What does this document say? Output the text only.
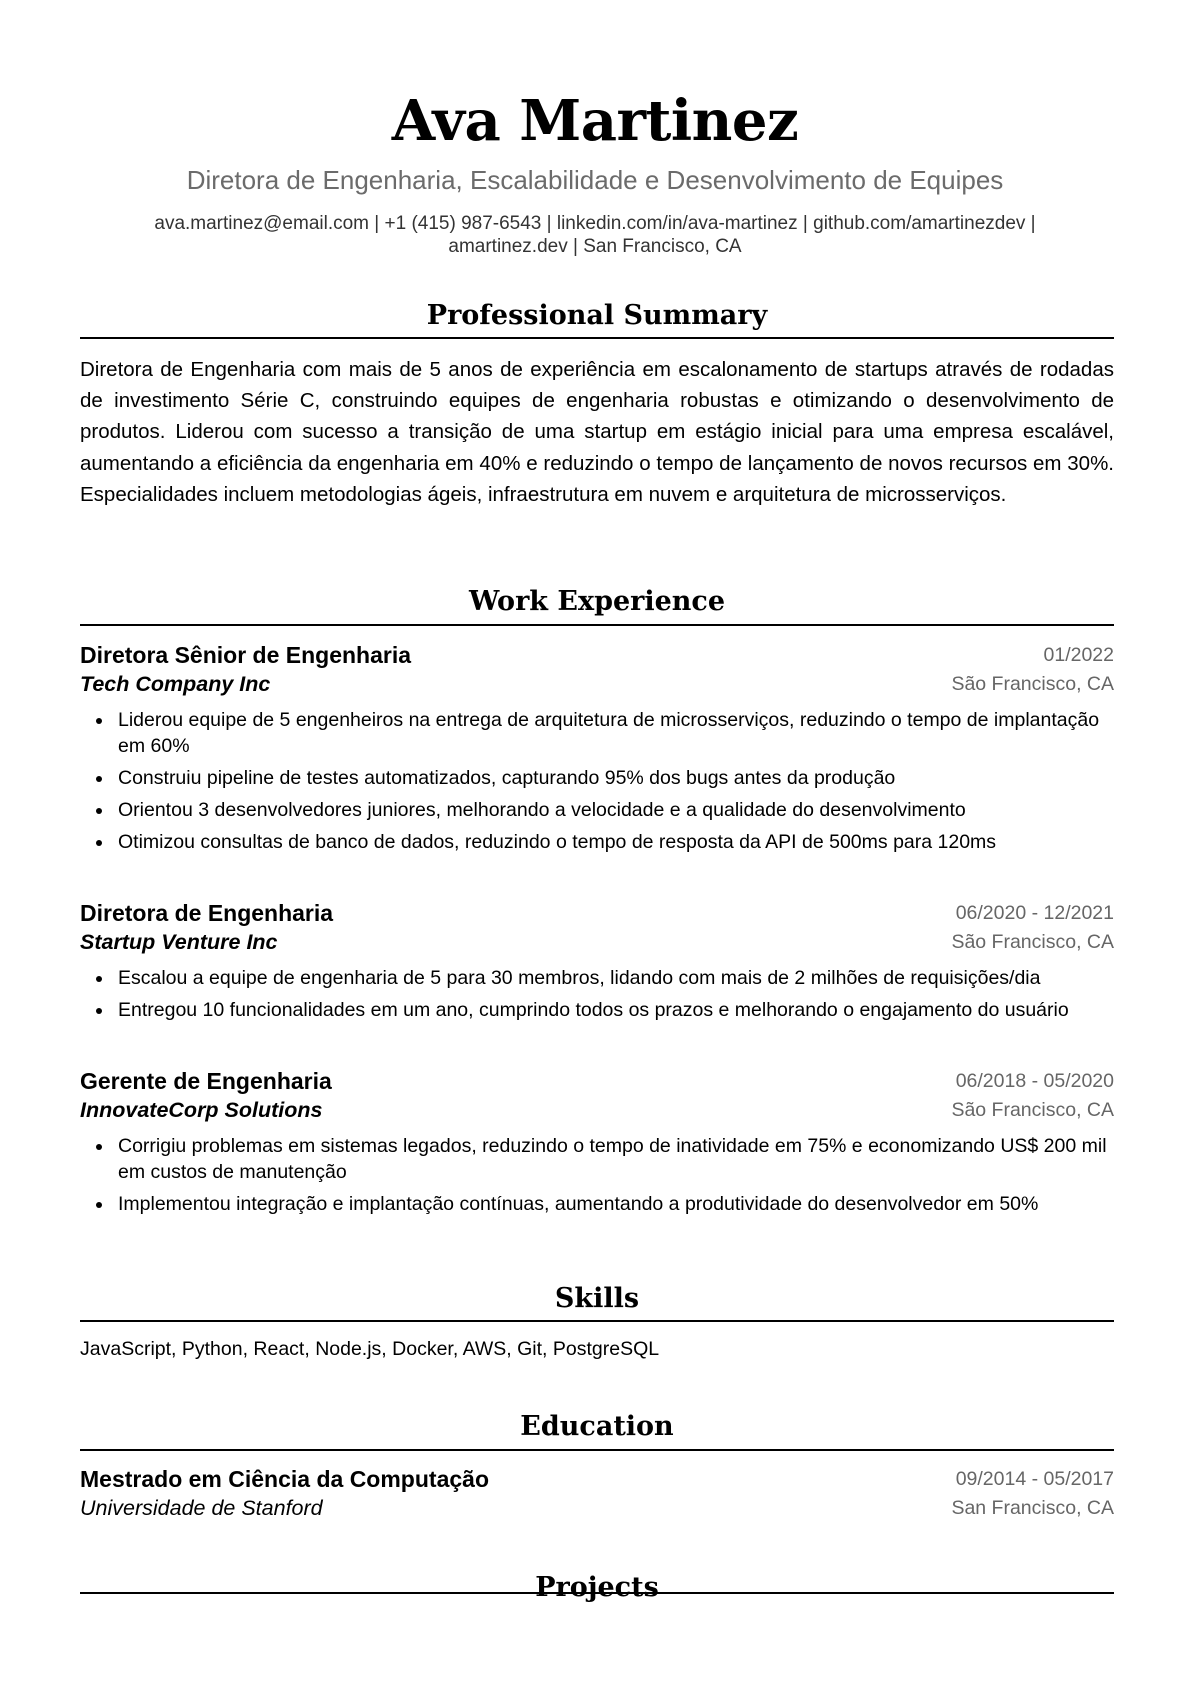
Ava Martinez
Diretora de Engenharia, Escalabilidade e Desenvolvimento de Equipes
ava.martinez@email.com | +1 (415) 987-6543 | linkedin.com/in/ava-martinez | github.com/amartinezdev |
amartinez.dev | San Francisco, CA
Professional Summary
Diretora de Engenharia com mais de 5 anos de experiência em escalonamento de startups através de rodadas de investimento Série C, construindo equipes de engenharia robustas e otimizando o desenvolvimento de produtos. Liderou com sucesso a transição de uma startup em estágio inicial para uma empresa escalável, aumentando a eficiência da engenharia em 40% e reduzindo o tempo de lançamento de novos recursos em 30%. Especialidades incluem metodologias ágeis, infraestrutura em nuvem e arquitetura de microsserviços.
Work Experience
Diretora Sênior de Engenharia	01/2022
Tech Company Inc	São Francisco, CA
Liderou equipe de 5 engenheiros na entrega de arquitetura de microsserviços, reduzindo o tempo de implantação em 60%
Construiu pipeline de testes automatizados, capturando 95% dos bugs antes da produção
Orientou 3 desenvolvedores juniores, melhorando a velocidade e a qualidade do desenvolvimento
Otimizou consultas de banco de dados, reduzindo o tempo de resposta da API de 500ms para 120ms
Diretora de Engenharia	06/2020 - 12/2021
Startup Venture Inc	São Francisco, CA
Escalou a equipe de engenharia de 5 para 30 membros, lidando com mais de 2 milhões de requisições/dia
Entregou 10 funcionalidades em um ano, cumprindo todos os prazos e melhorando o engajamento do usuário
Gerente de Engenharia	06/2018 - 05/2020
InnovateCorp Solutions	São Francisco, CA
Corrigiu problemas em sistemas legados, reduzindo o tempo de inatividade em 75% e economizando US$ 200 mil em custos de manutenção
Implementou integração e implantação contínuas, aumentando a produtividade do desenvolvedor em 50%
Skills
JavaScript, Python, React, Node.js, Docker, AWS, Git, PostgreSQL
Education
Mestrado em Ciência da Computação	09/2014 - 05/2017
Universidade de Stanford	San Francisco, CA
Projects
